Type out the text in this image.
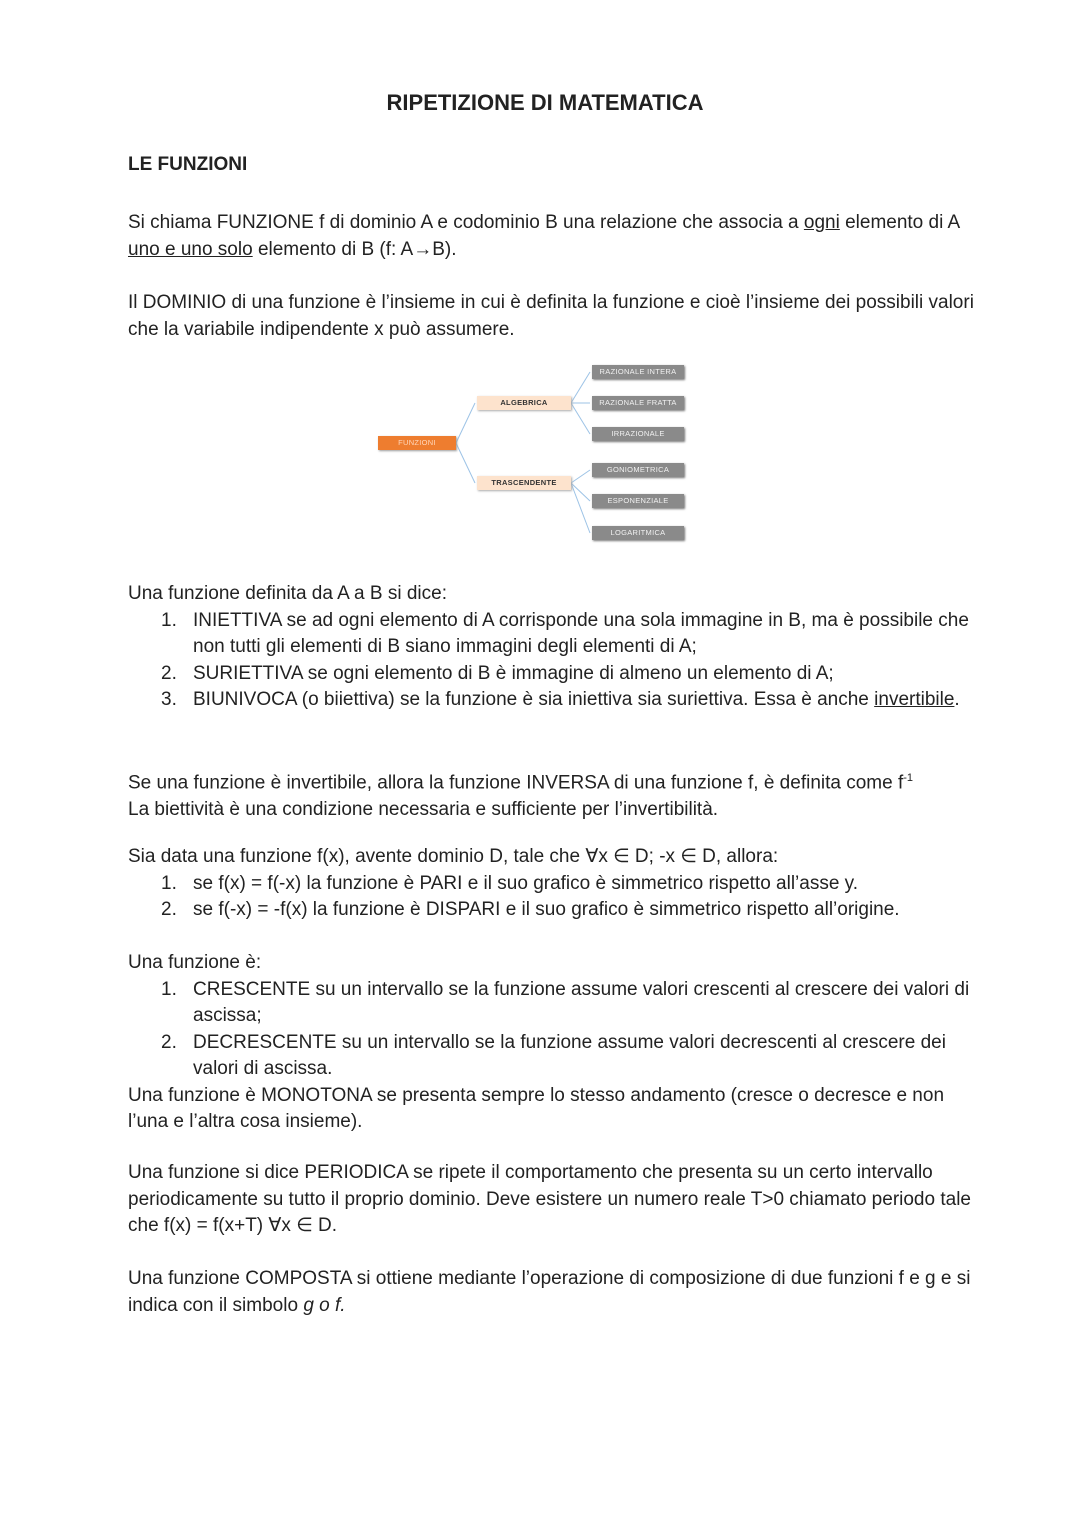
RIPETIZIONE DI MATEMATICA
LE FUNZIONI

Si chiama FUNZIONE f di dominio A e codominio B una relazione che associa a ogni elemento di A uno e uno solo elemento di B (f: A→B).

Il DOMINIO di una funzione è l’insieme in cui è definita la funzione e cioè l’insieme dei possibili valori che la variabile indipendente x può assumere.

FUNZIONI
ALGEBRICA
TRASCENDENTE
RAZIONALE INTERA
RAZIONALE FRATTA
IRRAZIONALE
GONIOMETRICA
ESPONENZIALE
LOGARITMICA

Una funzione definita da A a B si dice:

1. INIETTIVA se ad ogni elemento di A corrisponde una sola immagine in B, ma è possibile che non tutti gli elementi di B siano immagini degli elementi di A;
2. SURIETTIVA se ogni elemento di B è immagine di almeno un elemento di A;
3. BIUNIVOCA (o biiettiva) se la funzione è sia iniettiva sia suriettiva. Essa è anche invertibile.

Se una funzione è invertibile, allora la funzione INVERSA di una funzione f, è definita come $f^{-1}$

La biettività è una condizione necessaria e sufficiente per l’invertibilità.

Sia data una funzione f(x), avente dominio D, tale che ∀x ∈ D; -x ∈ D, allora:

1. se f(x) = f(-x) la funzione è PARI e il suo grafico è simmetrico rispetto all’asse y.
2. se f(-x) = -f(x) la funzione è DISPARI e il suo grafico è simmetrico rispetto all’origine.

Una funzione è:

1. CRESCENTE su un intervallo se la funzione assume valori crescenti al crescere dei valori di ascissa;
2. DECRESCENTE su un intervallo se la funzione assume valori decrescenti al crescere dei valori di ascissa.

Una funzione è MONOTONA se presenta sempre lo stesso andamento (cresce o decresce e non l’una e l’altra cosa insieme).

Una funzione si dice PERIODICA se ripete il comportamento che presenta su un certo intervallo periodicamente su tutto il proprio dominio. Deve esistere un numero reale T>0 chiamato periodo tale che f(x) = f(x+T) ∀x ∈ D.

Una funzione COMPOSTA si ottiene mediante l’operazione di composizione di due funzioni f e g e si indica con il simbolo g o f.
